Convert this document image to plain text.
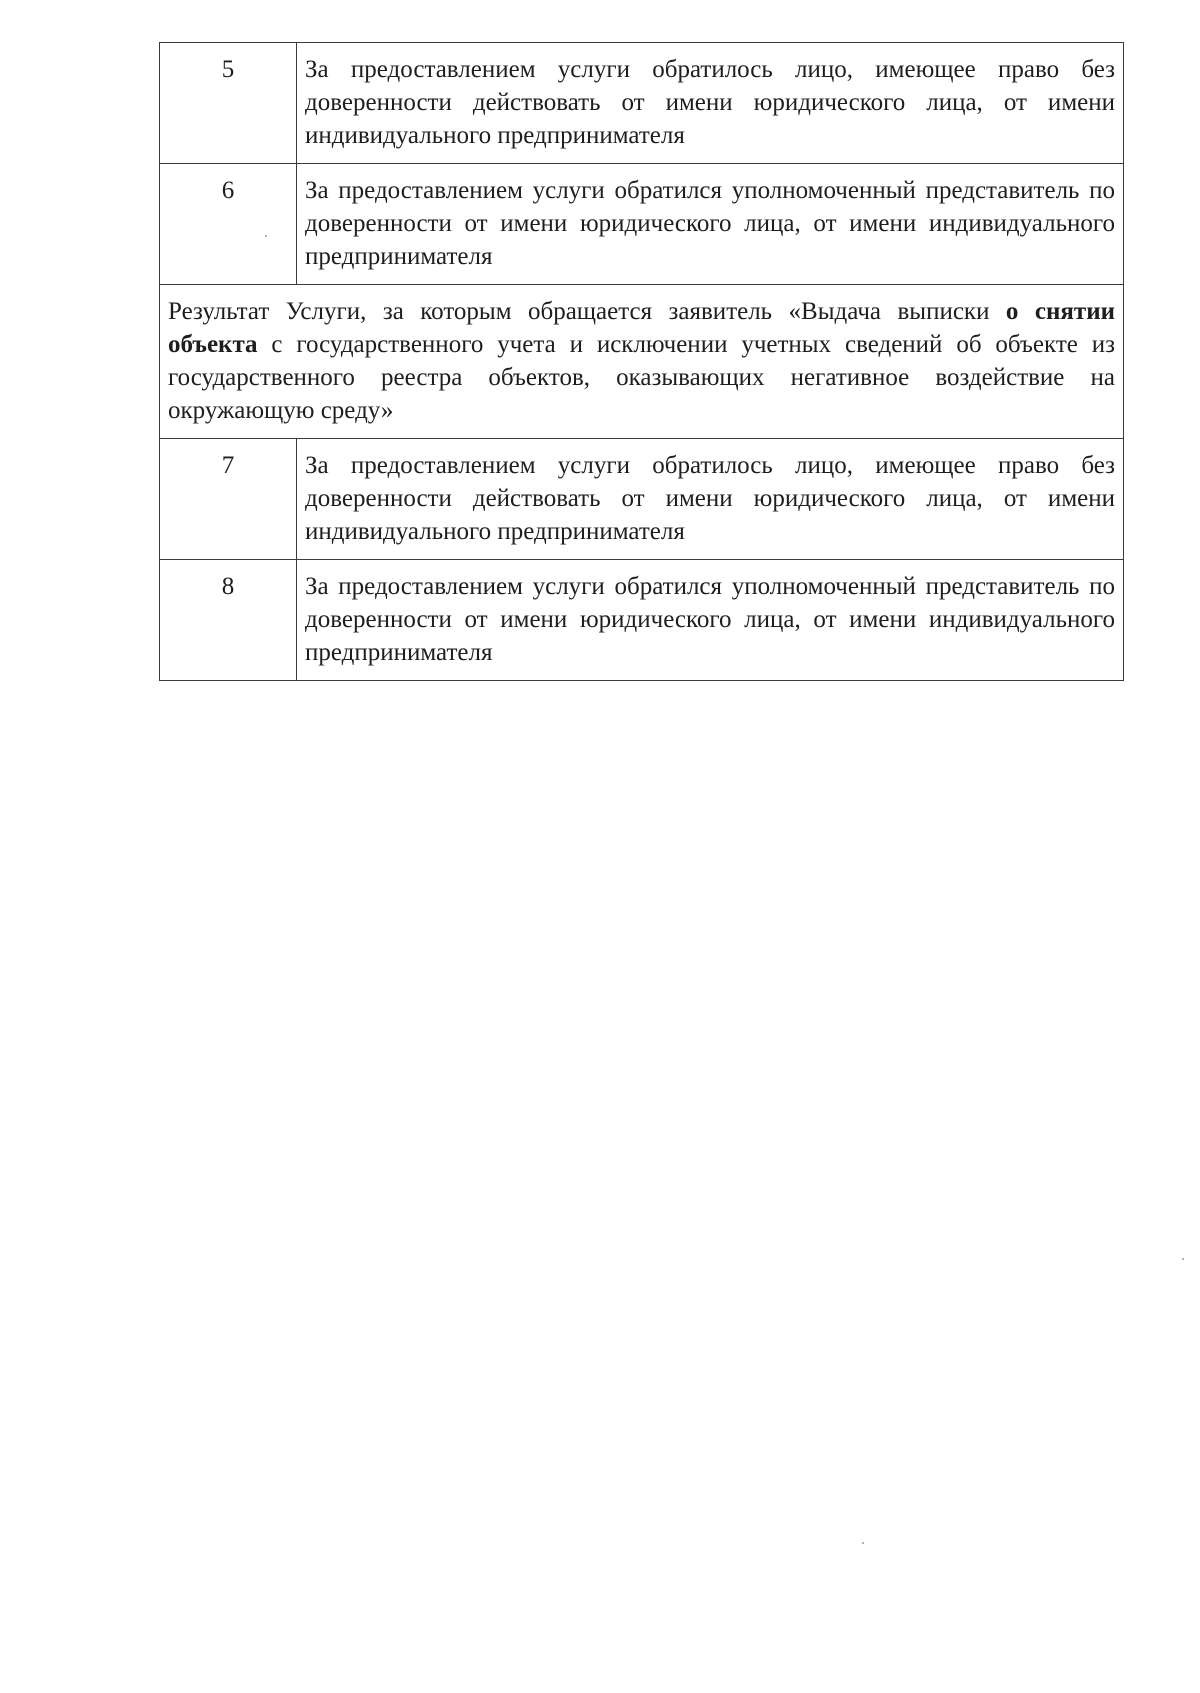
5	За предоставлением услуги обратилось лицо, имеющее право без доверенности действовать от имени юридического лица, от имени индивидуального предпринимателя
6	За предоставлением услуги обратился уполномоченный представитель по доверенности от имени юридического лица, от имени индивидуального предпринимателя
Результат Услуги, за которым обращается заявитель «Выдача выписки о снятии объекта с государственного учета и исключении учетных сведений об объекте из государственного реестра объектов, оказывающих негативное воздействие на окружающую среду»	
7	За предоставлением услуги обратилось лицо, имеющее право без доверенности действовать от имени юридического лица, от имени индивидуального предпринимателя
8	За предоставлением услуги обратился уполномоченный представитель по доверенности от имени юридического лица, от имени индивидуального предпринимателя
